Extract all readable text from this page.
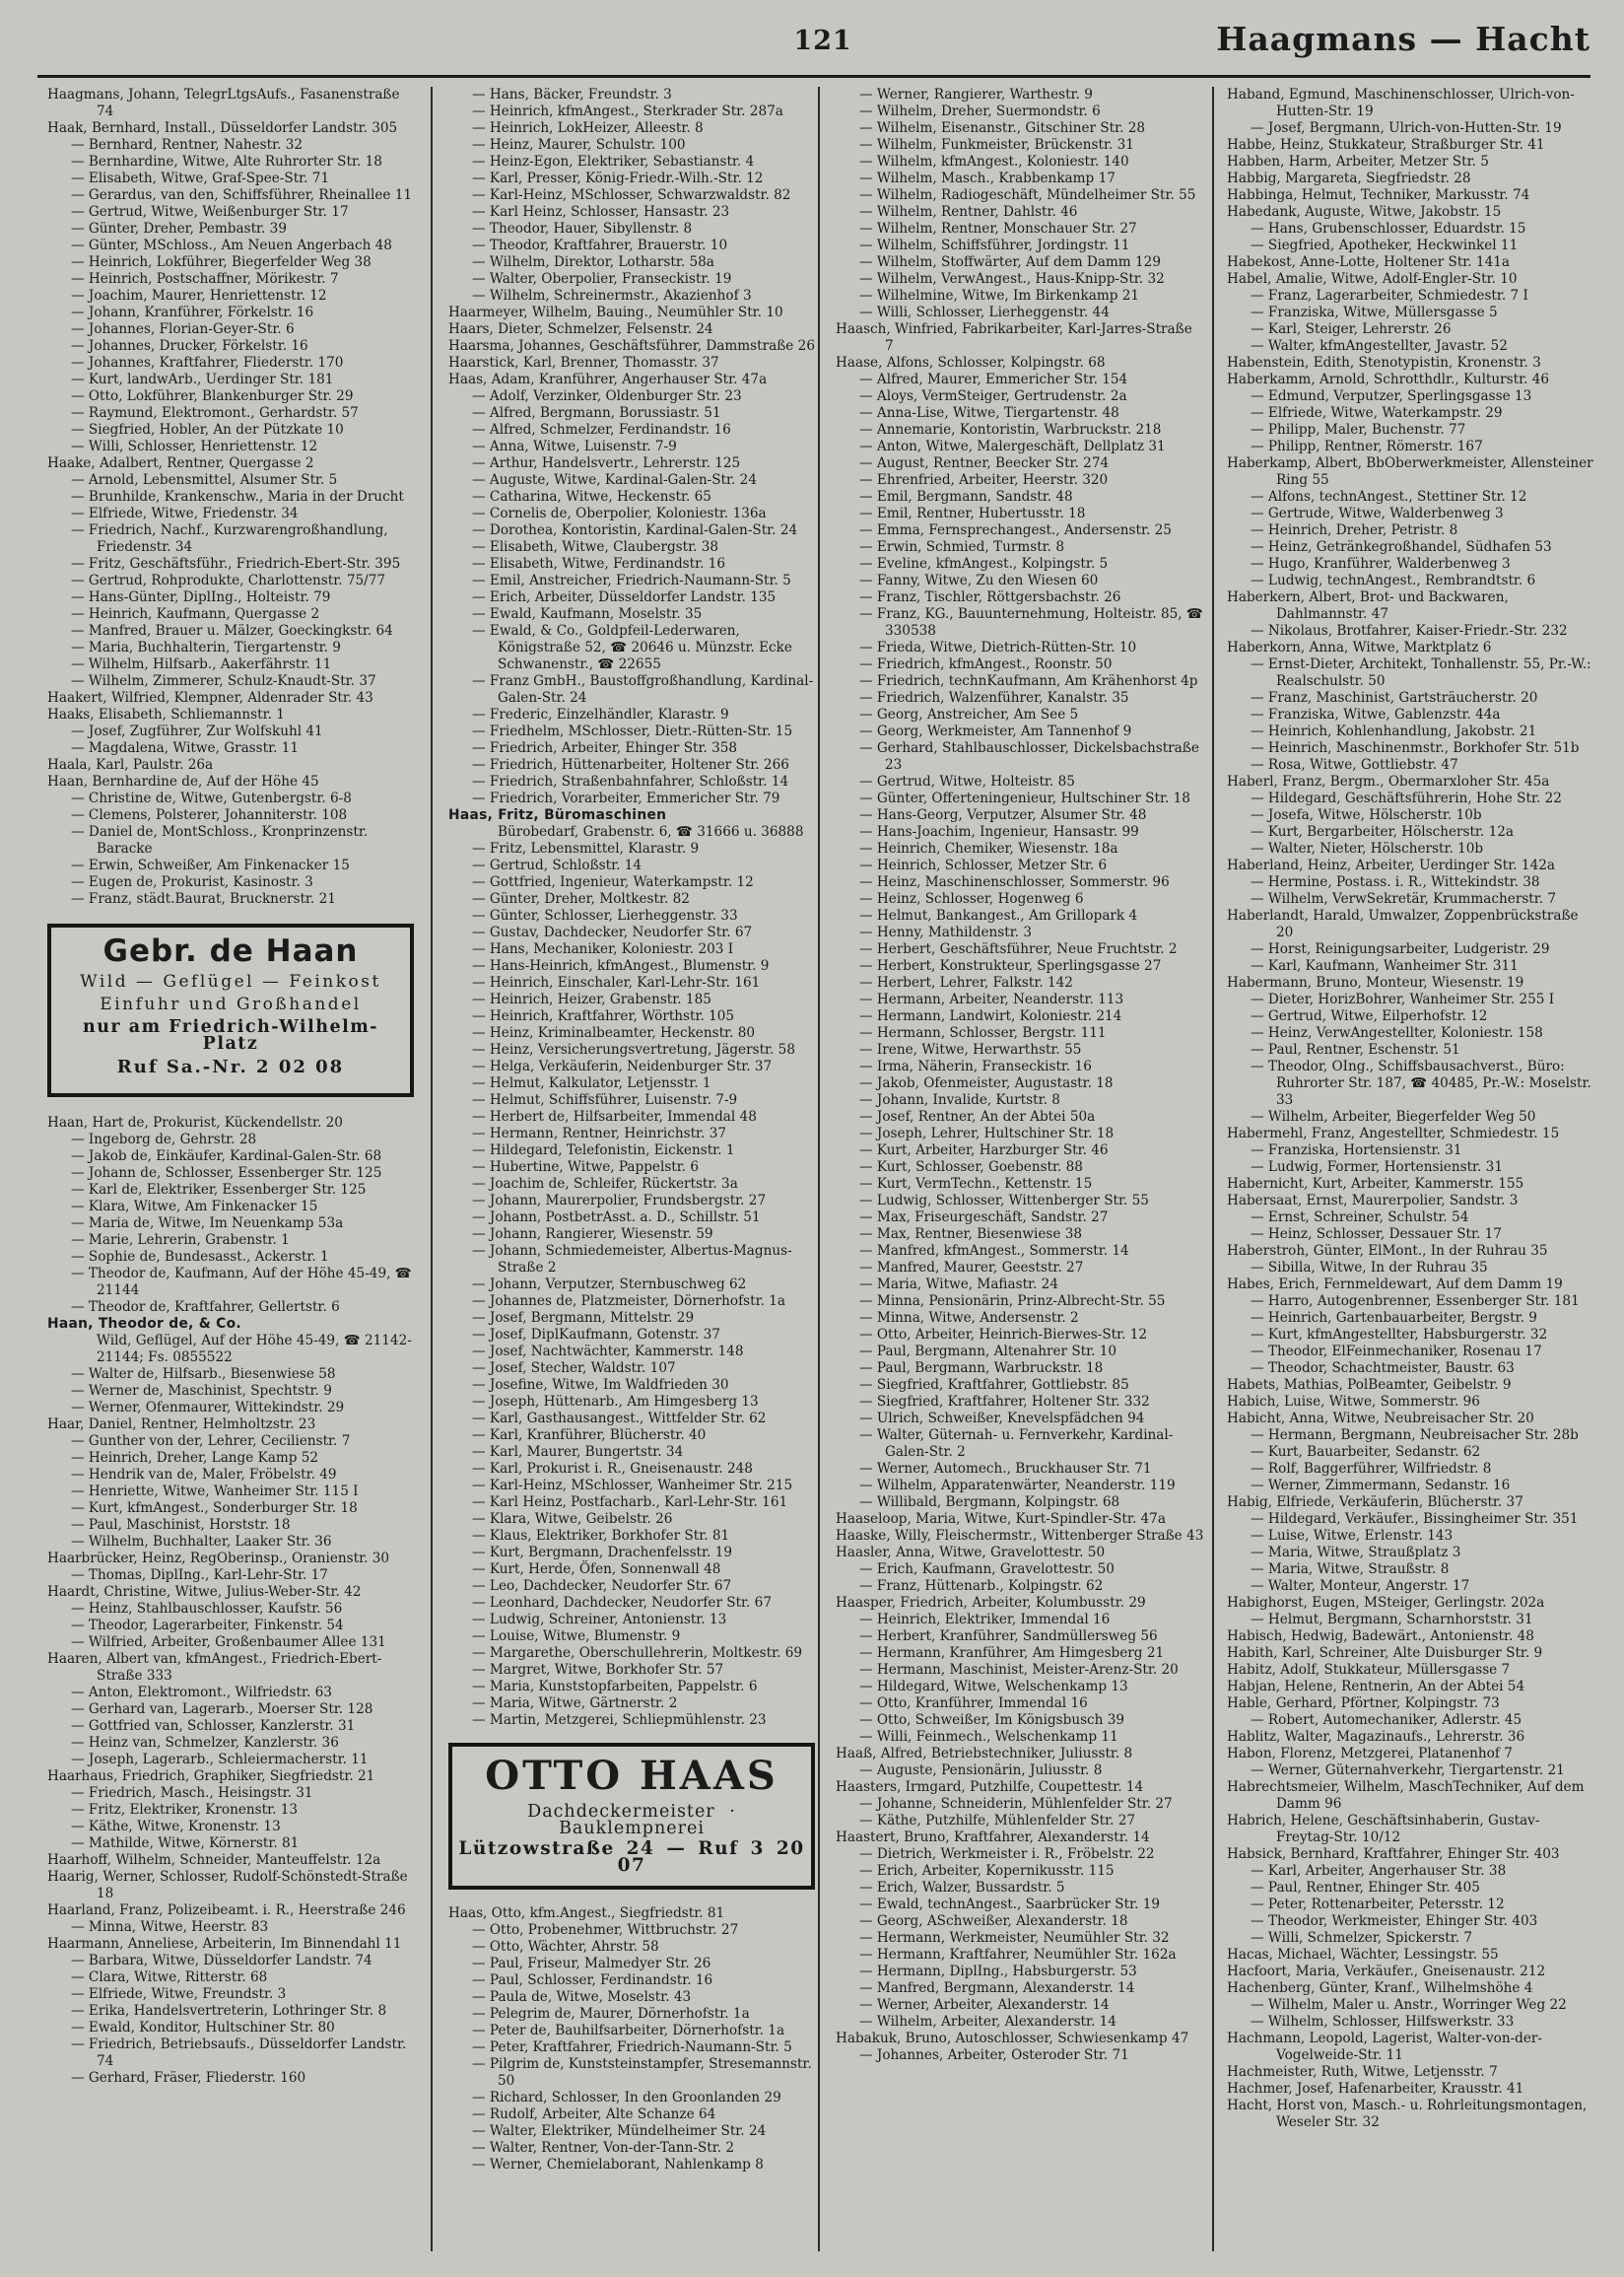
121	Haagmans — Hacht
Haagmans, Johann, TelegrLtgsAufs., Fasanenstraße 74
Haak, Bernhard, Install., Düsseldorfer Landstr. 305
— Bernhard, Rentner, Nahestr. 32
— Bernhardine, Witwe, Alte Ruhrorter Str. 18
— Elisabeth, Witwe, Graf-Spee-Str. 71
— Gerardus, van den, Schiffsführer, Rheinallee 11
— Gertrud, Witwe, Weißenburger Str. 17
— Günter, Dreher, Pembastr. 39
— Günter, MSchloss., Am Neuen Angerbach 48
— Heinrich, Lokführer, Biegerfelder Weg 38
— Heinrich, Postschaffner, Mörikestr. 7
— Joachim, Maurer, Henriettenstr. 12
— Johann, Kranführer, Förkelstr. 16
— Johannes, Florian-Geyer-Str. 6
— Johannes, Drucker, Förkelstr. 16
— Johannes, Kraftfahrer, Fliederstr. 170
— Kurt, landwArb., Uerdinger Str. 181
— Otto, Lokführer, Blankenburger Str. 29
— Raymund, Elektromont., Gerhardstr. 57
— Siegfried, Hobler, An der Pützkate 10
— Willi, Schlosser, Henriettenstr. 12
Haake, Adalbert, Rentner, Quergasse 2
— Arnold, Lebensmittel, Alsumer Str. 5
— Brunhilde, Krankenschw., Maria in der Drucht
— Elfriede, Witwe, Friedenstr. 34
— Friedrich, Nachf., Kurzwarengroßhandlung, Friedenstr. 34
— Fritz, Geschäftsführ., Friedrich-Ebert-Str. 395
— Gertrud, Rohprodukte, Charlottenstr. 75/77
— Hans-Günter, DiplIng., Holteistr. 79
— Heinrich, Kaufmann, Quergasse 2
— Manfred, Brauer u. Mälzer, Goeckingkstr. 64
— Maria, Buchhalterin, Tiergartenstr. 9
— Wilhelm, Hilfsarb., Aakerfährstr. 11
— Wilhelm, Zimmerer, Schulz-Knaudt-Str. 37
Haakert, Wilfried, Klempner, Aldenrader Str. 43
Haaks, Elisabeth, Schliemannstr. 1
— Josef, Zugführer, Zur Wolfskuhl 41
— Magdalena, Witwe, Grasstr. 11
Haala, Karl, Paulstr. 26a
Haan, Bernhardine de, Auf der Höhe 45
— Christine de, Witwe, Gutenbergstr. 6-8
— Clemens, Polsterer, Johanniterstr. 108
— Daniel de, MontSchloss., Kronprinzenstr. Baracke
— Erwin, Schweißer, Am Finkenacker 15
— Eugen de, Prokurist, Kasinostr. 3
— Franz, städt.Baurat, Brucknerstr. 21
Gebr. de Haan
Wild — Geflügel — Feinkost
Einfuhr und Großhandel
nur am Friedrich-Wilhelm-Platz
Ruf Sa.-Nr. 2 02 08
Haan, Hart de, Prokurist, Kückendellstr. 20
— Ingeborg de, Gehrstr. 28
— Jakob de, Einkäufer, Kardinal-Galen-Str. 68
— Johann de, Schlosser, Essenberger Str. 125
— Karl de, Elektriker, Essenberger Str. 125
— Klara, Witwe, Am Finkenacker 15
— Maria de, Witwe, Im Neuenkamp 53a
— Marie, Lehrerin, Grabenstr. 1
— Sophie de, Bundesasst., Ackerstr. 1
— Theodor de, Kaufmann, Auf der Höhe 45-49, ☎ 21144
— Theodor de, Kraftfahrer, Gellertstr. 6
Haan, Theodor de, & Co.
Wild, Geflügel, Auf der Höhe 45-49, ☎ 21142-21144; Fs. 0855522
— Walter de, Hilfsarb., Biesenwiese 58
— Werner de, Maschinist, Spechtstr. 9
— Werner, Ofenmaurer, Wittekindstr. 29
Haar, Daniel, Rentner, Helmholtzstr. 23
— Gunther von der, Lehrer, Cecilienstr. 7
— Heinrich, Dreher, Lange Kamp 52
— Hendrik van de, Maler, Fröbelstr. 49
— Henriette, Witwe, Wanheimer Str. 115 I
— Kurt, kfmAngest., Sonderburger Str. 18
— Paul, Maschinist, Horststr. 18
— Wilhelm, Buchhalter, Laaker Str. 36
Haarbrücker, Heinz, RegOberinsp., Oranienstr. 30
— Thomas, DiplIng., Karl-Lehr-Str. 17
Haardt, Christine, Witwe, Julius-Weber-Str. 42
— Heinz, Stahlbauschlosser, Kaufstr. 56
— Theodor, Lagerarbeiter, Finkenstr. 54
— Wilfried, Arbeiter, Großenbaumer Allee 131
Haaren, Albert van, kfmAngest., Friedrich-Ebert-Straße 333
— Anton, Elektromont., Wilfriedstr. 63
— Gerhard van, Lagerarb., Moerser Str. 128
— Gottfried van, Schlosser, Kanzlerstr. 31
— Heinz van, Schmelzer, Kanzlerstr. 36
— Joseph, Lagerarb., Schleiermacherstr. 11
Haarhaus, Friedrich, Graphiker, Siegfriedstr. 21
— Friedrich, Masch., Heisingstr. 31
— Fritz, Elektriker, Kronenstr. 13
— Käthe, Witwe, Kronenstr. 13
— Mathilde, Witwe, Körnerstr. 81
Haarhoff, Wilhelm, Schneider, Manteuffelstr. 12a
Haarig, Werner, Schlosser, Rudolf-Schönstedt-Straße 18
Haarland, Franz, Polizeibeamt. i. R., Heerstraße 246
— Minna, Witwe, Heerstr. 83
Haarmann, Anneliese, Arbeiterin, Im Binnendahl 11
— Barbara, Witwe, Düsseldorfer Landstr. 74
— Clara, Witwe, Ritterstr. 68
— Elfriede, Witwe, Freundstr. 3
— Erika, Handelsvertreterin, Lothringer Str. 8
— Ewald, Konditor, Hultschiner Str. 80
— Friedrich, Betriebsaufs., Düsseldorfer Landstr. 74
— Gerhard, Fräser, Fliederstr. 160
— Hans, Bäcker, Freundstr. 3
— Heinrich, kfmAngest., Sterkrader Str. 287a
— Heinrich, LokHeizer, Alleestr. 8
— Heinz, Maurer, Schulstr. 100
— Heinz-Egon, Elektriker, Sebastianstr. 4
— Karl, Presser, König-Friedr.-Wilh.-Str. 12
— Karl-Heinz, MSchlosser, Schwarzwaldstr. 82
— Karl Heinz, Schlosser, Hansastr. 23
— Theodor, Hauer, Sibyllenstr. 8
— Theodor, Kraftfahrer, Brauerstr. 10
— Wilhelm, Direktor, Lotharstr. 58a
— Walter, Oberpolier, Franseckistr. 19
— Wilhelm, Schreinermstr., Akazienhof 3
Haarmeyer, Wilhelm, Bauing., Neumühler Str. 10
Haars, Dieter, Schmelzer, Felsenstr. 24
Haarsma, Johannes, Geschäftsführer, Dammstraße 26
Haarstick, Karl, Brenner, Thomasstr. 37
Haas, Adam, Kranführer, Angerhauser Str. 47a
— Adolf, Verzinker, Oldenburger Str. 23
— Alfred, Bergmann, Borussiastr. 51
— Alfred, Schmelzer, Ferdinandstr. 16
— Anna, Witwe, Luisenstr. 7-9
— Arthur, Handelsvertr., Lehrerstr. 125
— Auguste, Witwe, Kardinal-Galen-Str. 24
— Catharina, Witwe, Heckenstr. 65
— Cornelis de, Oberpolier, Koloniestr. 136a
— Dorothea, Kontoristin, Kardinal-Galen-Str. 24
— Elisabeth, Witwe, Claubergstr. 38
— Elisabeth, Witwe, Ferdinandstr. 16
— Emil, Anstreicher, Friedrich-Naumann-Str. 5
— Erich, Arbeiter, Düsseldorfer Landstr. 135
— Ewald, Kaufmann, Moselstr. 35
— Ewald, & Co., Goldpfeil-Lederwaren, Königstraße 52, ☎ 20646 u. Münzstr. Ecke Schwanenstr., ☎ 22655
— Franz GmbH., Baustoffgroßhandlung, Kardinal-Galen-Str. 24
— Frederic, Einzelhändler, Klarastr. 9
— Friedhelm, MSchlosser, Dietr.-Rütten-Str. 15
— Friedrich, Arbeiter, Ehinger Str. 358
— Friedrich, Hüttenarbeiter, Holtener Str. 266
— Friedrich, Straßenbahnfahrer, Schloßstr. 14
— Friedrich, Vorarbeiter, Emmericher Str. 79
Haas, Fritz, Büromaschinen
Bürobedarf, Grabenstr. 6, ☎ 31666 u. 36888
— Fritz, Lebensmittel, Klarastr. 9
— Gertrud, Schloßstr. 14
— Gottfried, Ingenieur, Waterkampstr. 12
— Günter, Dreher, Moltkestr. 82
— Günter, Schlosser, Lierheggenstr. 33
— Gustav, Dachdecker, Neudorfer Str. 67
— Hans, Mechaniker, Koloniestr. 203 I
— Hans-Heinrich, kfmAngest., Blumenstr. 9
— Heinrich, Einschaler, Karl-Lehr-Str. 161
— Heinrich, Heizer, Grabenstr. 185
— Heinrich, Kraftfahrer, Wörthstr. 105
— Heinz, Kriminalbeamter, Heckenstr. 80
— Heinz, Versicherungsvertretung, Jägerstr. 58
— Helga, Verkäuferin, Neidenburger Str. 37
— Helmut, Kalkulator, Letjensstr. 1
— Helmut, Schiffsführer, Luisenstr. 7-9
— Herbert de, Hilfsarbeiter, Immendal 48
— Hermann, Rentner, Heinrichstr. 37
— Hildegard, Telefonistin, Eickenstr. 1
— Hubertine, Witwe, Pappelstr. 6
— Joachim de, Schleifer, Rückertstr. 3a
— Johann, Maurerpolier, Frundsbergstr. 27
— Johann, PostbetrAsst. a. D., Schillstr. 51
— Johann, Rangierer, Wiesenstr. 59
— Johann, Schmiedemeister, Albertus-Magnus-Straße 2
— Johann, Verputzer, Sternbuschweg 62
— Johannes de, Platzmeister, Dörnerhofstr. 1a
— Josef, Bergmann, Mittelstr. 29
— Josef, DiplKaufmann, Gotenstr. 37
— Josef, Nachtwächter, Kammerstr. 148
— Josef, Stecher, Waldstr. 107
— Josefine, Witwe, Im Waldfrieden 30
— Joseph, Hüttenarb., Am Himgesberg 13
— Karl, Gasthausangest., Wittfelder Str. 62
— Karl, Kranführer, Blücherstr. 40
— Karl, Maurer, Bungertstr. 34
— Karl, Prokurist i. R., Gneisenaustr. 248
— Karl-Heinz, MSchlosser, Wanheimer Str. 215
— Karl Heinz, Postfacharb., Karl-Lehr-Str. 161
— Klara, Witwe, Geibelstr. 26
— Klaus, Elektriker, Borkhofer Str. 81
— Kurt, Bergmann, Drachenfelsstr. 19
— Kurt, Herde, Öfen, Sonnenwall 48
— Leo, Dachdecker, Neudorfer Str. 67
— Leonhard, Dachdecker, Neudorfer Str. 67
— Ludwig, Schreiner, Antonienstr. 13
— Louise, Witwe, Blumenstr. 9
— Margarethe, Oberschullehrerin, Moltkestr. 69
— Margret, Witwe, Borkhofer Str. 57
— Maria, Kunststopfarbeiten, Pappelstr. 6
— Maria, Witwe, Gärtnerstr. 2
— Martin, Metzgerei, Schliepmühlenstr. 23
OTTO HAAS
Dachdeckermeister · Bauklempnerei
Lützowstraße 24 — Ruf 3 20 07
Haas, Otto, kfm.Angest., Siegfriedstr. 81
— Otto, Probenehmer, Wittbruchstr. 27
— Otto, Wächter, Ahrstr. 58
— Paul, Friseur, Malmedyer Str. 26
— Paul, Schlosser, Ferdinandstr. 16
— Paula de, Witwe, Moselstr. 43
— Pelegrim de, Maurer, Dörnerhofstr. 1a
— Peter de, Bauhilfsarbeiter, Dörnerhofstr. 1a
— Peter, Kraftfahrer, Friedrich-Naumann-Str. 5
— Pilgrim de, Kunststeinstampfer, Stresemannstr. 50
— Richard, Schlosser, In den Groonlanden 29
— Rudolf, Arbeiter, Alte Schanze 64
— Walter, Elektriker, Mündelheimer Str. 24
— Walter, Rentner, Von-der-Tann-Str. 2
— Werner, Chemielaborant, Nahlenkamp 8
— Werner, Rangierer, Warthestr. 9
— Wilhelm, Dreher, Suermondstr. 6
— Wilhelm, Eisenanstr., Gitschiner Str. 28
— Wilhelm, Funkmeister, Brückenstr. 31
— Wilhelm, kfmAngest., Koloniestr. 140
— Wilhelm, Masch., Krabbenkamp 17
— Wilhelm, Radiogeschäft, Mündelheimer Str. 55
— Wilhelm, Rentner, Dahlstr. 46
— Wilhelm, Rentner, Monschauer Str. 27
— Wilhelm, Schiffsführer, Jordingstr. 11
— Wilhelm, Stoffwärter, Auf dem Damm 129
— Wilhelm, VerwAngest., Haus-Knipp-Str. 32
— Wilhelmine, Witwe, Im Birkenkamp 21
— Willi, Schlosser, Lierheggenstr. 44
Haasch, Winfried, Fabrikarbeiter, Karl-Jarres-Straße 7
Haase, Alfons, Schlosser, Kolpingstr. 68
— Alfred, Maurer, Emmericher Str. 154
— Aloys, VermSteiger, Gertrudenstr. 2a
— Anna-Lise, Witwe, Tiergartenstr. 48
— Annemarie, Kontoristin, Warbruckstr. 218
— Anton, Witwe, Malergeschäft, Dellplatz 31
— August, Rentner, Beecker Str. 274
— Ehrenfried, Arbeiter, Heerstr. 320
— Emil, Bergmann, Sandstr. 48
— Emil, Rentner, Hubertusstr. 18
— Emma, Fernsprechangest., Andersenstr. 25
— Erwin, Schmied, Turmstr. 8
— Eveline, kfmAngest., Kolpingstr. 5
— Fanny, Witwe, Zu den Wiesen 60
— Franz, Tischler, Röttgersbachstr. 26
— Franz, KG., Bauunternehmung, Holteistr. 85, ☎ 330538
— Frieda, Witwe, Dietrich-Rütten-Str. 10
— Friedrich, kfmAngest., Roonstr. 50
— Friedrich, technKaufmann, Am Krähenhorst 4p
— Friedrich, Walzenführer, Kanalstr. 35
— Georg, Anstreicher, Am See 5
— Georg, Werkmeister, Am Tannenhof 9
— Gerhard, Stahlbauschlosser, Dickelsbachstraße 23
— Gertrud, Witwe, Holteistr. 85
— Günter, Offerteningenieur, Hultschiner Str. 18
— Hans-Georg, Verputzer, Alsumer Str. 48
— Hans-Joachim, Ingenieur, Hansastr. 99
— Heinrich, Chemiker, Wiesenstr. 18a
— Heinrich, Schlosser, Metzer Str. 6
— Heinz, Maschinenschlosser, Sommerstr. 96
— Heinz, Schlosser, Hogenweg 6
— Helmut, Bankangest., Am Grillopark 4
— Henny, Mathildenstr. 3
— Herbert, Geschäftsführer, Neue Fruchtstr. 2
— Herbert, Konstrukteur, Sperlingsgasse 27
— Herbert, Lehrer, Falkstr. 142
— Hermann, Arbeiter, Neanderstr. 113
— Hermann, Landwirt, Koloniestr. 214
— Hermann, Schlosser, Bergstr. 111
— Irene, Witwe, Herwarthstr. 55
— Irma, Näherin, Franseckistr. 16
— Jakob, Ofenmeister, Augustastr. 18
— Johann, Invalide, Kurtstr. 8
— Josef, Rentner, An der Abtei 50a
— Joseph, Lehrer, Hultschiner Str. 18
— Kurt, Arbeiter, Harzburger Str. 46
— Kurt, Schlosser, Goebenstr. 88
— Kurt, VermTechn., Kettenstr. 15
— Ludwig, Schlosser, Wittenberger Str. 55
— Max, Friseurgeschäft, Sandstr. 27
— Max, Rentner, Biesenwiese 38
— Manfred, kfmAngest., Sommerstr. 14
— Manfred, Maurer, Geeststr. 27
— Maria, Witwe, Mafiastr. 24
— Minna, Pensionärin, Prinz-Albrecht-Str. 55
— Minna, Witwe, Andersenstr. 2
— Otto, Arbeiter, Heinrich-Bierwes-Str. 12
— Paul, Bergmann, Altenahrer Str. 10
— Paul, Bergmann, Warbruckstr. 18
— Siegfried, Kraftfahrer, Gottliebstr. 85
— Siegfried, Kraftfahrer, Holtener Str. 332
— Ulrich, Schweißer, Knevelspfädchen 94
— Walter, Güternah- u. Fernverkehr, Kardinal-Galen-Str. 2
— Werner, Automech., Bruckhauser Str. 71
— Wilhelm, Apparatenwärter, Neanderstr. 119
— Willibald, Bergmann, Kolpingstr. 68
Haaseloop, Maria, Witwe, Kurt-Spindler-Str. 47a
Haaske, Willy, Fleischermstr., Wittenberger Straße 43
Haasler, Anna, Witwe, Gravelottestr. 50
— Erich, Kaufmann, Gravelottestr. 50
— Franz, Hüttenarb., Kolpingstr. 62
Haasper, Friedrich, Arbeiter, Kolumbusstr. 29
— Heinrich, Elektriker, Immendal 16
— Herbert, Kranführer, Sandmüllersweg 56
— Hermann, Kranführer, Am Himgesberg 21
— Hermann, Maschinist, Meister-Arenz-Str. 20
— Hildegard, Witwe, Welschenkamp 13
— Otto, Kranführer, Immendal 16
— Otto, Schweißer, Im Königsbusch 39
— Willi, Feinmech., Welschenkamp 11
Haaß, Alfred, Betriebstechniker, Juliusstr. 8
— Auguste, Pensionärin, Juliusstr. 8
Haasters, Irmgard, Putzhilfe, Coupettestr. 14
— Johanne, Schneiderin, Mühlenfelder Str. 27
— Käthe, Putzhilfe, Mühlenfelder Str. 27
Haastert, Bruno, Kraftfahrer, Alexanderstr. 14
— Dietrich, Werkmeister i. R., Fröbelstr. 22
— Erich, Arbeiter, Kopernikusstr. 115
— Erich, Walzer, Bussardstr. 5
— Ewald, technAngest., Saarbrücker Str. 19
— Georg, ASchweißer, Alexanderstr. 18
— Hermann, Werkmeister, Neumühler Str. 32
— Hermann, Kraftfahrer, Neumühler Str. 162a
— Hermann, DiplIng., Habsburgerstr. 53
— Manfred, Bergmann, Alexanderstr. 14
— Werner, Arbeiter, Alexanderstr. 14
— Wilhelm, Arbeiter, Alexanderstr. 14
Habakuk, Bruno, Autoschlosser, Schwiesenkamp 47
— Johannes, Arbeiter, Osteroder Str. 71
Haband, Egmund, Maschinenschlosser, Ulrich-von-Hutten-Str. 19
— Josef, Bergmann, Ulrich-von-Hutten-Str. 19
Habbe, Heinz, Stukkateur, Straßburger Str. 41
Habben, Harm, Arbeiter, Metzer Str. 5
Habbig, Margareta, Siegfriedstr. 28
Habbinga, Helmut, Techniker, Markusstr. 74
Habedank, Auguste, Witwe, Jakobstr. 15
— Hans, Grubenschlosser, Eduardstr. 15
— Siegfried, Apotheker, Heckwinkel 11
Habekost, Anne-Lotte, Holtener Str. 141a
Habel, Amalie, Witwe, Adolf-Engler-Str. 10
— Franz, Lagerarbeiter, Schmiedestr. 7 I
— Franziska, Witwe, Müllersgasse 5
— Karl, Steiger, Lehrerstr. 26
— Walter, kfmAngestellter, Javastr. 52
Habenstein, Edith, Stenotypistin, Kronenstr. 3
Haberkamm, Arnold, Schrotthdlr., Kulturstr. 46
— Edmund, Verputzer, Sperlingsgasse 13
— Elfriede, Witwe, Waterkampstr. 29
— Philipp, Maler, Buchenstr. 77
— Philipp, Rentner, Römerstr. 167
Haberkamp, Albert, BbOberwerkmeister, Allensteiner Ring 55
— Alfons, technAngest., Stettiner Str. 12
— Gertrude, Witwe, Walderbenweg 3
— Heinrich, Dreher, Petristr. 8
— Heinz, Getränkegroßhandel, Südhafen 53
— Hugo, Kranführer, Walderbenweg 3
— Ludwig, technAngest., Rembrandtstr. 6
Haberkern, Albert, Brot- und Backwaren, Dahlmannstr. 47
— Nikolaus, Brotfahrer, Kaiser-Friedr.-Str. 232
Haberkorn, Anna, Witwe, Marktplatz 6
— Ernst-Dieter, Architekt, Tonhallenstr. 55, Pr.-W.: Realschulstr. 50
— Franz, Maschinist, Gartsträucherstr. 20
— Franziska, Witwe, Gablenzstr. 44a
— Heinrich, Kohlenhandlung, Jakobstr. 21
— Heinrich, Maschinenmstr., Borkhofer Str. 51b
— Rosa, Witwe, Gottliebstr. 47
Haberl, Franz, Bergm., Obermarxloher Str. 45a
— Hildegard, Geschäftsführerin, Hohe Str. 22
— Josefa, Witwe, Hölscherstr. 10b
— Kurt, Bergarbeiter, Hölscherstr. 12a
— Walter, Nieter, Hölscherstr. 10b
Haberland, Heinz, Arbeiter, Uerdinger Str. 142a
— Hermine, Postass. i. R., Wittekindstr. 38
— Wilhelm, VerwSekretär, Krummacherstr. 7
Haberlandt, Harald, Umwalzer, Zoppenbrückstraße 20
— Horst, Reinigungsarbeiter, Ludgeristr. 29
— Karl, Kaufmann, Wanheimer Str. 311
Habermann, Bruno, Monteur, Wiesenstr. 19
— Dieter, HorizBohrer, Wanheimer Str. 255 I
— Gertrud, Witwe, Eilperhofstr. 12
— Heinz, VerwAngestellter, Koloniestr. 158
— Paul, Rentner, Eschenstr. 51
— Theodor, OIng., Schiffsbausachverst., Büro: Ruhrorter Str. 187, ☎ 40485, Pr.-W.: Moselstr. 33
— Wilhelm, Arbeiter, Biegerfelder Weg 50
Habermehl, Franz, Angestellter, Schmiedestr. 15
— Franziska, Hortensienstr. 31
— Ludwig, Former, Hortensienstr. 31
Habernicht, Kurt, Arbeiter, Kammerstr. 155
Habersaat, Ernst, Maurerpolier, Sandstr. 3
— Ernst, Schreiner, Schulstr. 54
— Heinz, Schlosser, Dessauer Str. 17
Haberstroh, Günter, ElMont., In der Ruhrau 35
— Sibilla, Witwe, In der Ruhrau 35
Habes, Erich, Fernmeldewart, Auf dem Damm 19
— Harro, Autogenbrenner, Essenberger Str. 181
— Heinrich, Gartenbauarbeiter, Bergstr. 9
— Kurt, kfmAngestellter, Habsburgerstr. 32
— Theodor, ElFeinmechaniker, Rosenau 17
— Theodor, Schachtmeister, Baustr. 63
Habets, Mathias, PolBeamter, Geibelstr. 9
Habich, Luise, Witwe, Sommerstr. 96
Habicht, Anna, Witwe, Neubreisacher Str. 20
— Hermann, Bergmann, Neubreisacher Str. 28b
— Kurt, Bauarbeiter, Sedanstr. 62
— Rolf, Baggerführer, Wilfriedstr. 8
— Werner, Zimmermann, Sedanstr. 16
Habig, Elfriede, Verkäuferin, Blücherstr. 37
— Hildegard, Verkäufer., Bissingheimer Str. 351
— Luise, Witwe, Erlenstr. 143
— Maria, Witwe, Straußplatz 3
— Maria, Witwe, Straußstr. 8
— Walter, Monteur, Angerstr. 17
Habighorst, Eugen, MSteiger, Gerlingstr. 202a
— Helmut, Bergmann, Scharnhorststr. 31
Habisch, Hedwig, Badewärt., Antonienstr. 48
Habith, Karl, Schreiner, Alte Duisburger Str. 9
Habitz, Adolf, Stukkateur, Müllersgasse 7
Habjan, Helene, Rentnerin, An der Abtei 54
Hable, Gerhard, Pförtner, Kolpingstr. 73
— Robert, Automechaniker, Adlerstr. 45
Hablitz, Walter, Magazinaufs., Lehrerstr. 36
Habon, Florenz, Metzgerei, Platanenhof 7
— Werner, Güternahverkehr, Tiergartenstr. 21
Habrechtsmeier, Wilhelm, MaschTechniker, Auf dem Damm 96
Habrich, Helene, Geschäftsinhaberin, Gustav-Freytag-Str. 10/12
Habsick, Bernhard, Kraftfahrer, Ehinger Str. 403
— Karl, Arbeiter, Angerhauser Str. 38
— Paul, Rentner, Ehinger Str. 405
— Peter, Rottenarbeiter, Petersstr. 12
— Theodor, Werkmeister, Ehinger Str. 403
— Willi, Schmelzer, Spickerstr. 7
Hacas, Michael, Wächter, Lessingstr. 55
Hacfoort, Maria, Verkäufer., Gneisenaustr. 212
Hachenberg, Günter, Kranf., Wilhelmshöhe 4
— Wilhelm, Maler u. Anstr., Worringer Weg 22
— Wilhelm, Schlosser, Hilfswerkstr. 33
Hachmann, Leopold, Lagerist, Walter-von-der-Vogelweide-Str. 11
Hachmeister, Ruth, Witwe, Letjensstr. 7
Hachmer, Josef, Hafenarbeiter, Krausstr. 41
Hacht, Horst von, Masch.- u. Rohrleitungsmontagen, Weseler Str. 32
